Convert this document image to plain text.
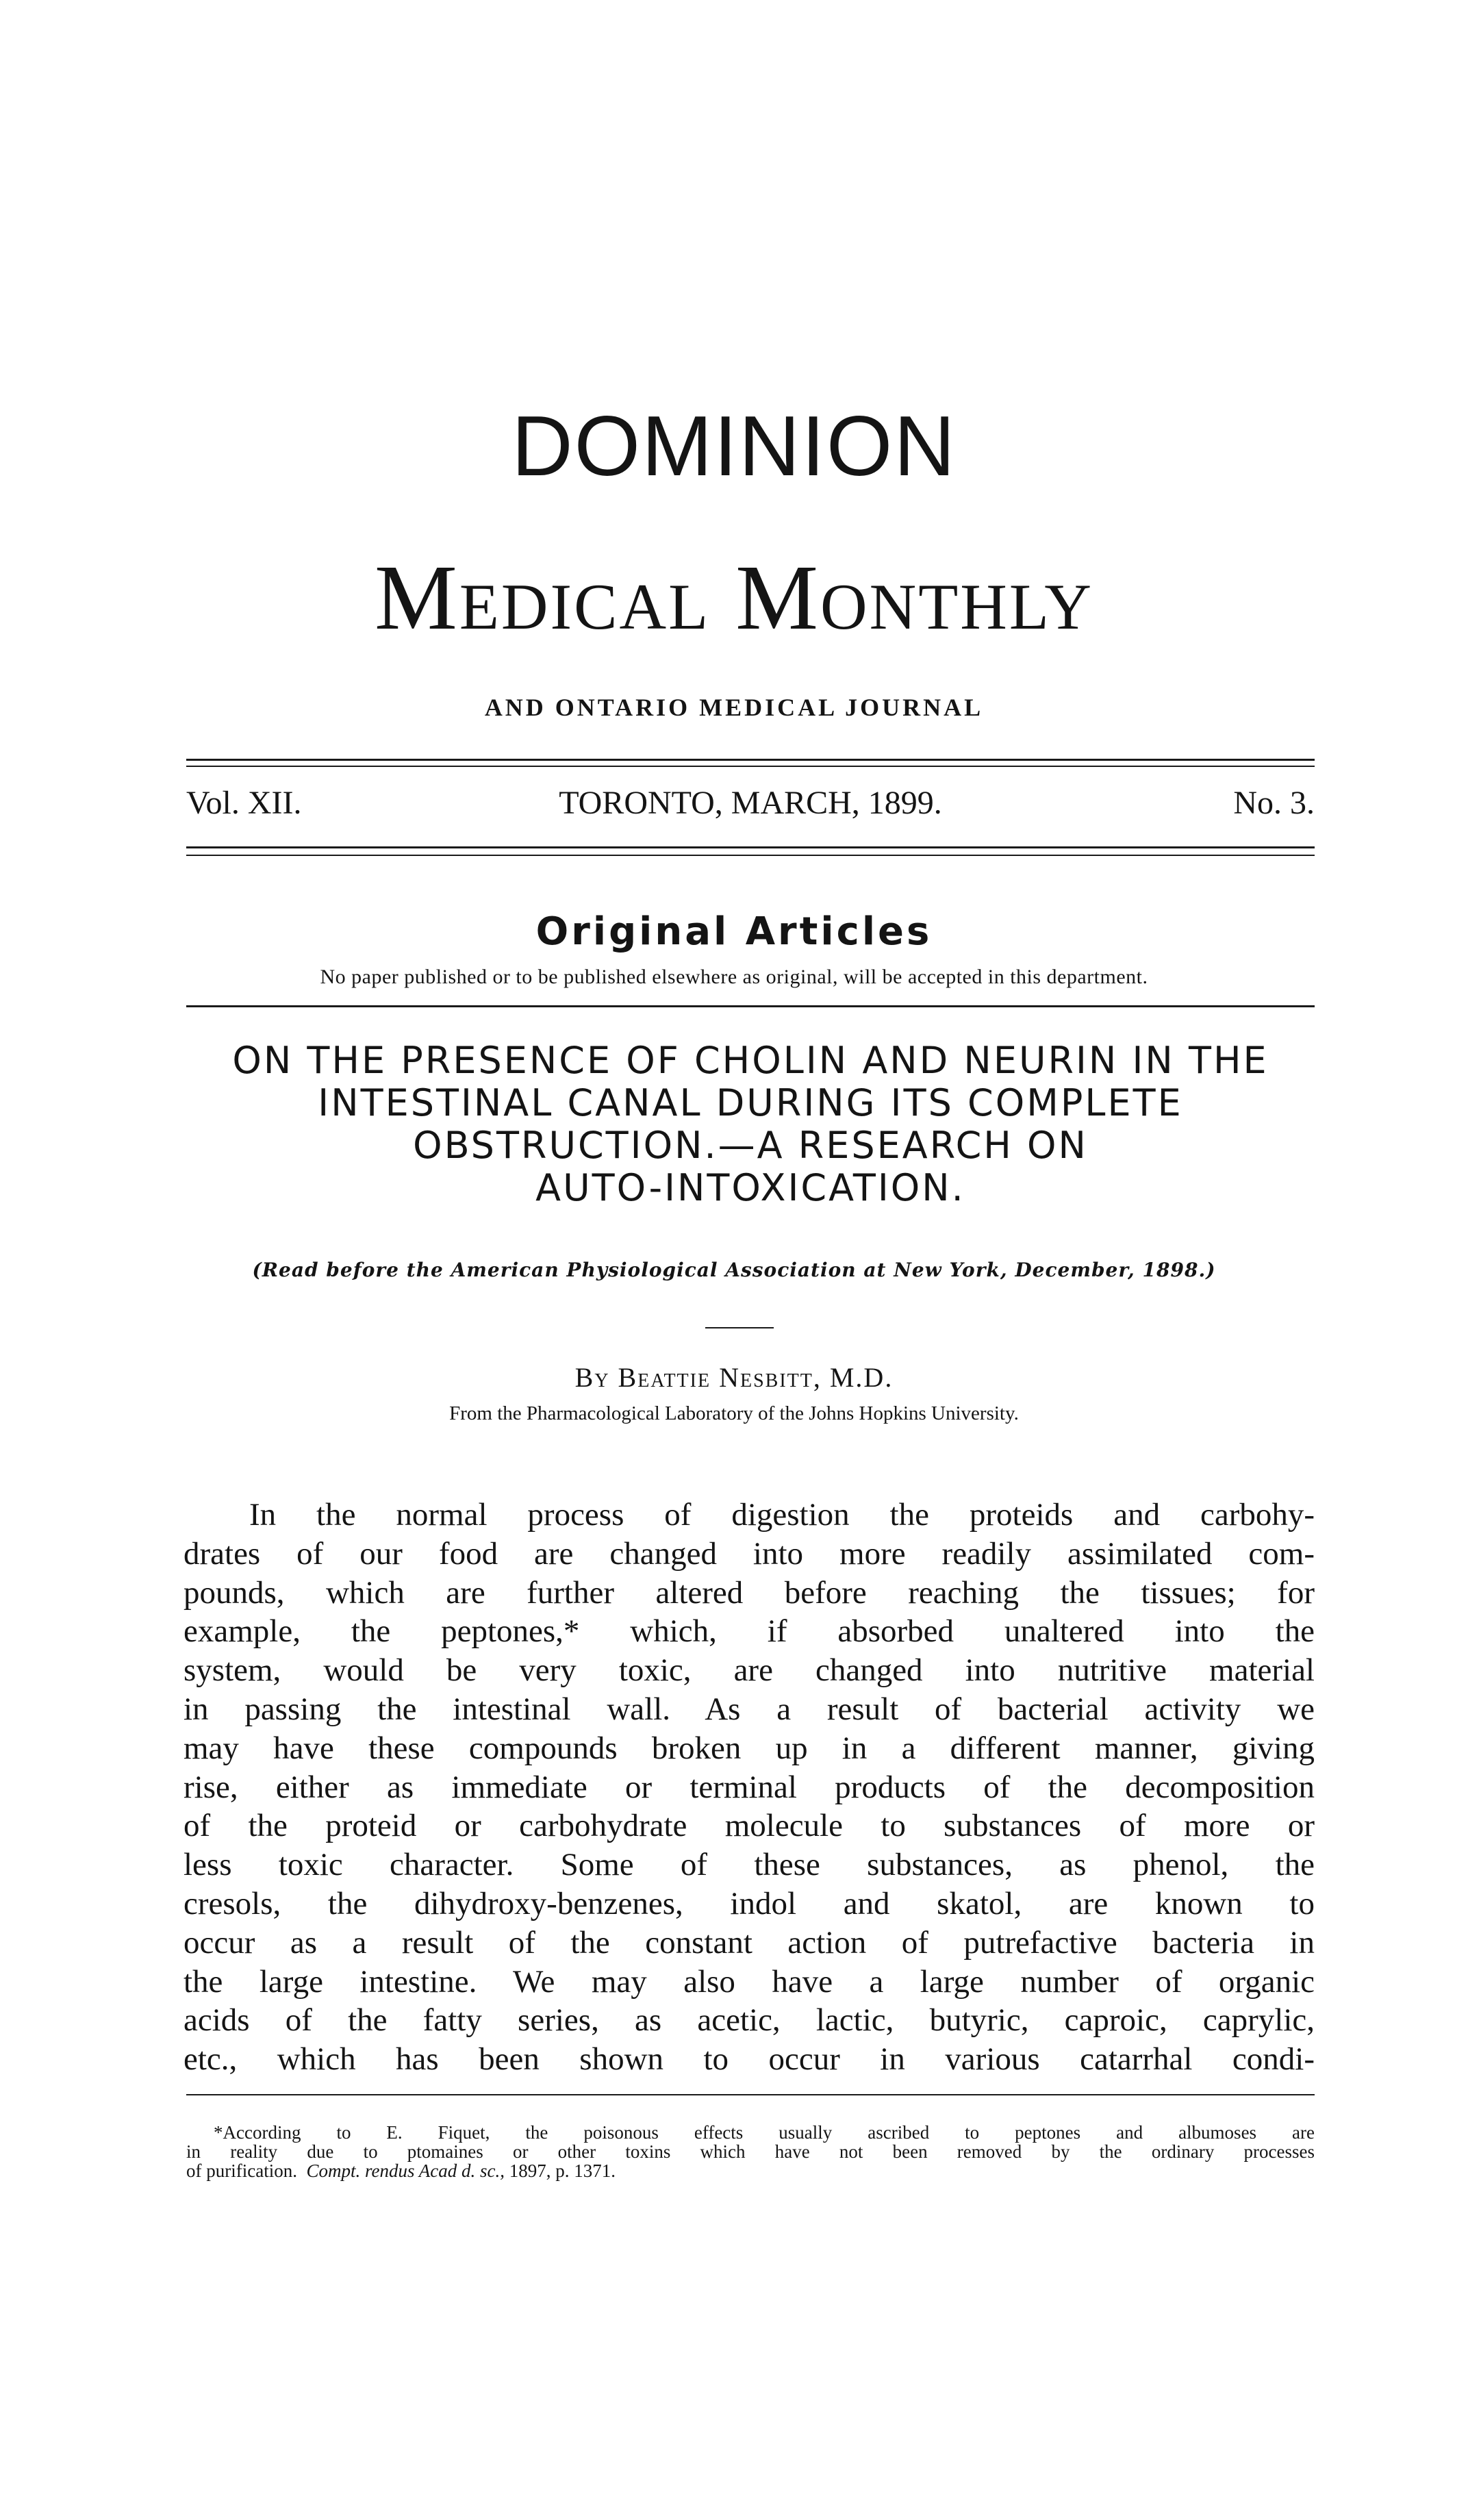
DOMINION
Medical Monthly
AND ONTARIO MEDICAL JOURNAL
TORONTO, MARCH, 1899.
Vol. XII.	No. 3.
Original Articles
No paper published or to be published elsewhere as original, will be accepted in this department.
ON THE PRESENCE OF CHOLIN AND NEURIN IN THE
INTESTINAL CANAL DURING ITS COMPLETE
OBSTRUCTION.—A RESEARCH ON
AUTO-INTOXICATION.
(Read before the American Physiological Association at New York, December, 1898.)
By Beattie Nesbitt, M.D.
From the Pharmacological Laboratory of the Johns Hopkins University.
In the normal process of digestion the proteids and carbohy-
drates of our food are changed into more readily assimilated com-
pounds, which are further altered before reaching the tissues; for
example, the peptones,* which, if absorbed unaltered into the
system, would be very toxic, are changed into nutritive material
in passing the intestinal wall. As a result of bacterial activity we
may have these compounds broken up in a different manner, giving
rise, either as immediate or terminal products of the decomposition
of the proteid or carbohydrate molecule to substances of more or
less toxic character. Some of these substances, as phenol, the
cresols, the dihydroxy-benzenes, indol and skatol, are known to
occur as a result of the constant action of putrefactive bacteria in
the large intestine. We may also have a large number of organic
acids of the fatty series, as acetic, lactic, butyric, caproic, caprylic,
etc., which has been shown to occur in various catarrhal condi-
*According to E. Fiquet, the poisonous effects usually ascribed to peptones and albumoses are
in reality due to ptomaines or other toxins which have not been removed by the ordinary processes
of purification. Compt. rendus Acad d. sc., 1897, p. 1371.
